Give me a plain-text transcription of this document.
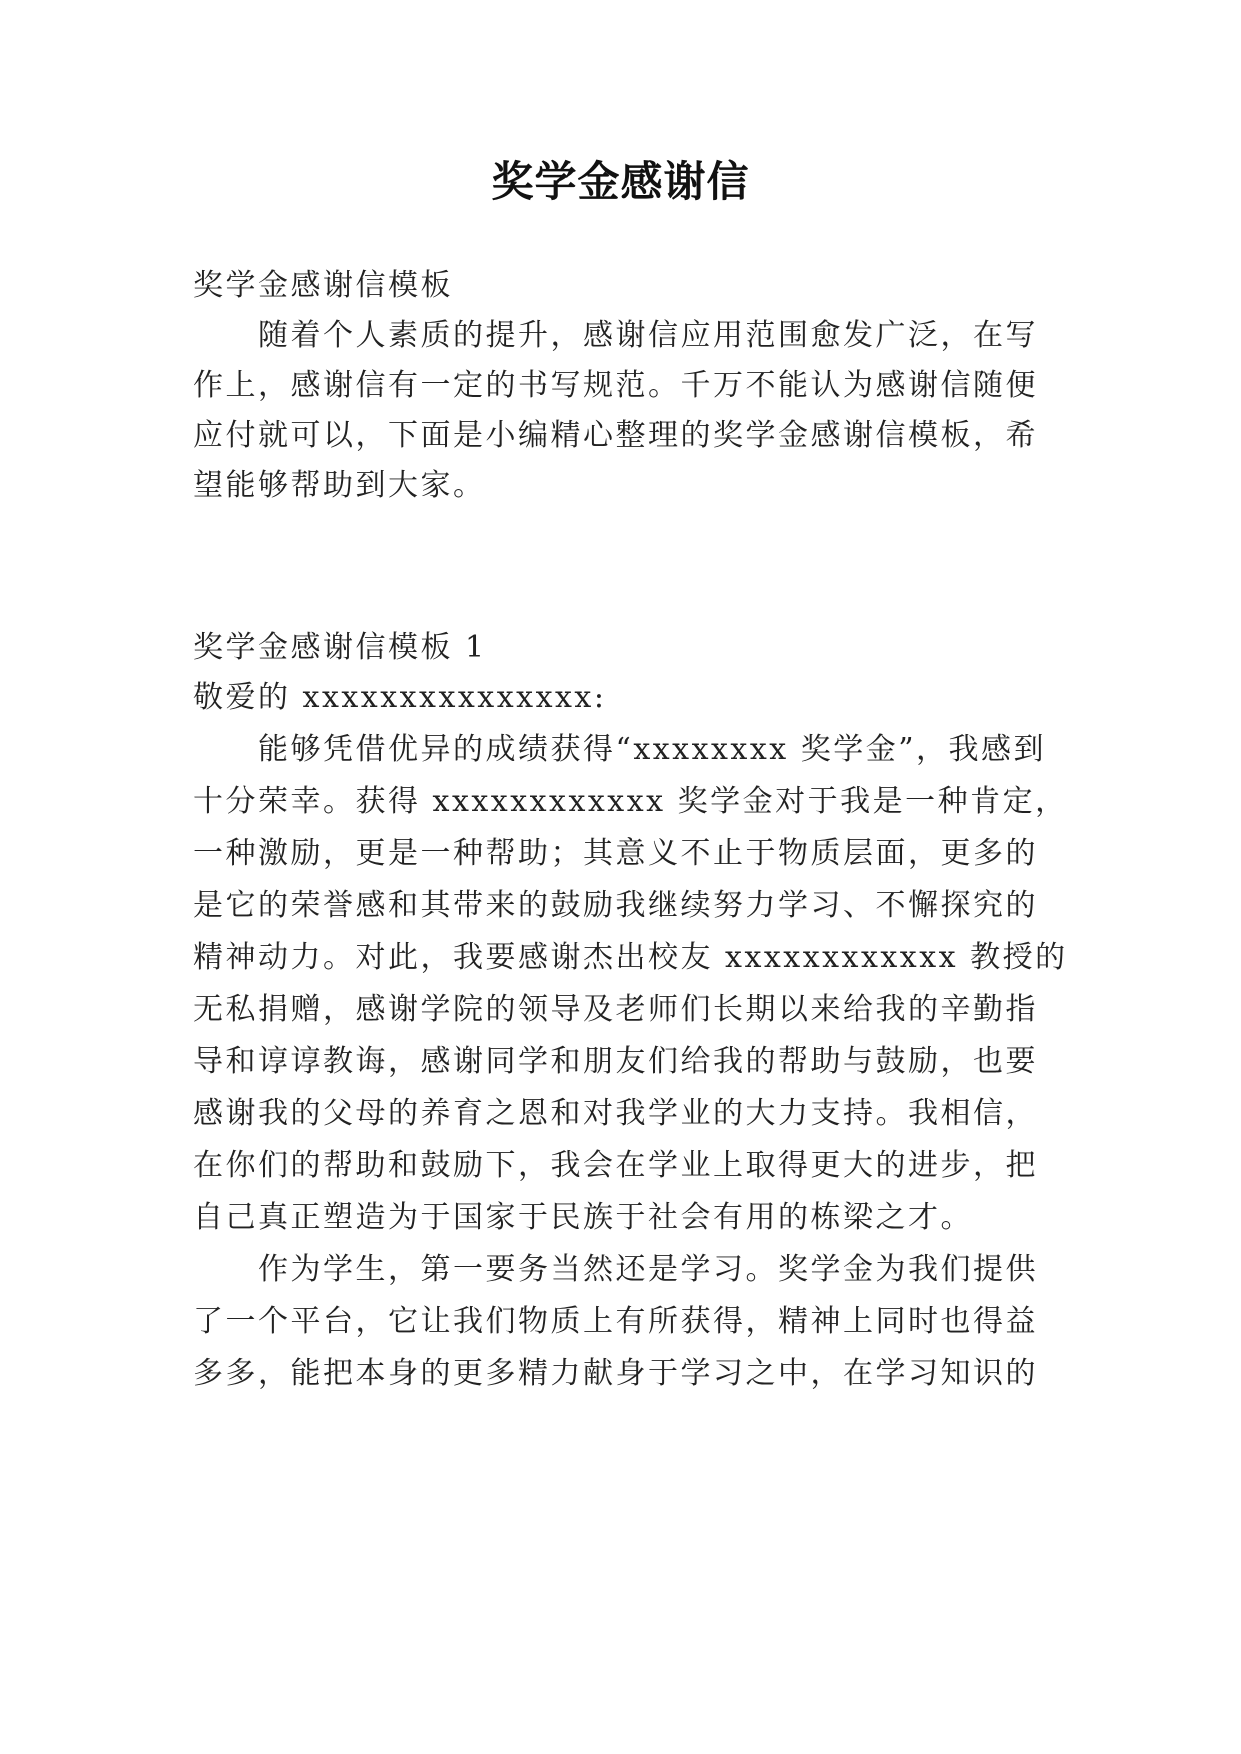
奖学金感谢信

奖学金感谢信模板

随着个人素质的提升，感谢信应用范围愈发广泛，在写

作上，感谢信有一定的书写规范。千万不能认为感谢信随便

应付就可以，下面是小编精心整理的奖学金感谢信模板，希

望能够帮助到大家。

奖学金感谢信模板 1

敬爱的 xxxxxxxxxxxxxxx:

能够凭借优异的成绩获得“xxxxxxxx 奖学金”，我感到

十分荣幸。获得 xxxxxxxxxxxx 奖学金对于我是一种肯定，

一种激励，更是一种帮助；其意义不止于物质层面，更多的

是它的荣誉感和其带来的鼓励我继续努力学习、不懈探究的

精神动力。对此，我要感谢杰出校友 xxxxxxxxxxxx 教授的

无私捐赠，感谢学院的领导及老师们长期以来给我的辛勤指

导和谆谆教诲，感谢同学和朋友们给我的帮助与鼓励，也要

感谢我的父母的养育之恩和对我学业的大力支持。我相信，

在你们的帮助和鼓励下，我会在学业上取得更大的进步，把

自己真正塑造为于国家于民族于社会有用的栋梁之才。

作为学生，第一要务当然还是学习。奖学金为我们提供

了一个平台，它让我们物质上有所获得，精神上同时也得益

多多，能把本身的更多精力献身于学习之中，在学习知识的
